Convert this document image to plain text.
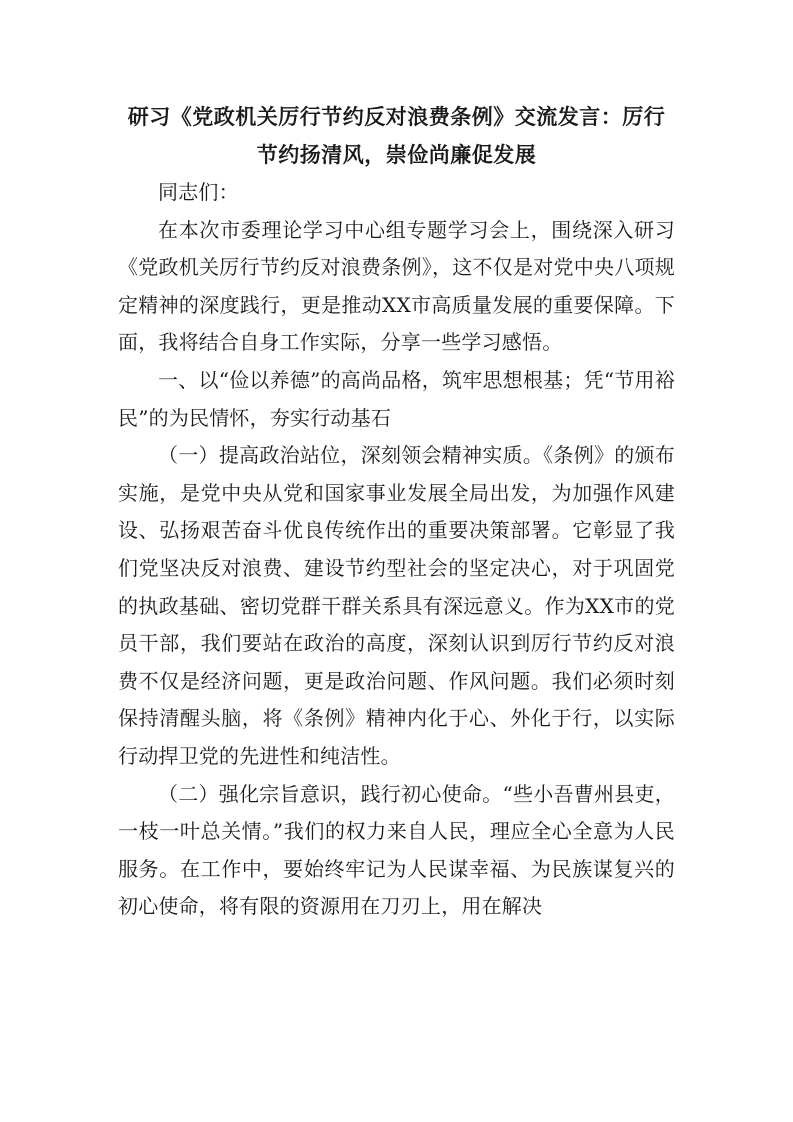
研习《党政机关厉行节约反对浪费条例》交流发言：厉行节约扬清风，崇俭尚廉促发展

同志们：

在本次市委理论学习中心组专题学习会上，围绕深入研习《党政机关厉行节约反对浪费条例》，这不仅是对党中央八项规定精神的深度践行，更是推动XX市高质量发展的重要保障。下面，我将结合自身工作实际，分享一些学习感悟。

一、以“俭以养德”的高尚品格，筑牢思想根基；凭“节用裕民”的为民情怀，夯实行动基石

（一）提高政治站位，深刻领会精神实质。《条例》的颁布实施，是党中央从党和国家事业发展全局出发，为加强作风建设、弘扬艰苦奋斗优良传统作出的重要决策部署。它彰显了我们党坚决反对浪费、建设节约型社会的坚定决心，对于巩固党的执政基础、密切党群干群关系具有深远意义。作为XX市的党员干部，我们要站在政治的高度，深刻认识到厉行节约反对浪费不仅是经济问题，更是政治问题、作风问题。我们必须时刻保持清醒头脑，将《条例》精神内化于心、外化于行，以实际行动捍卫党的先进性和纯洁性。

（二）强化宗旨意识，践行初心使命。“些小吾曹州县吏，一枝一叶总关情。”我们的权力来自人民，理应全心全意为人民服务。在工作中，要始终牢记为人民谋幸福、为民族谋复兴的初心使命，将有限的资源用在刀刃上，用在解决
